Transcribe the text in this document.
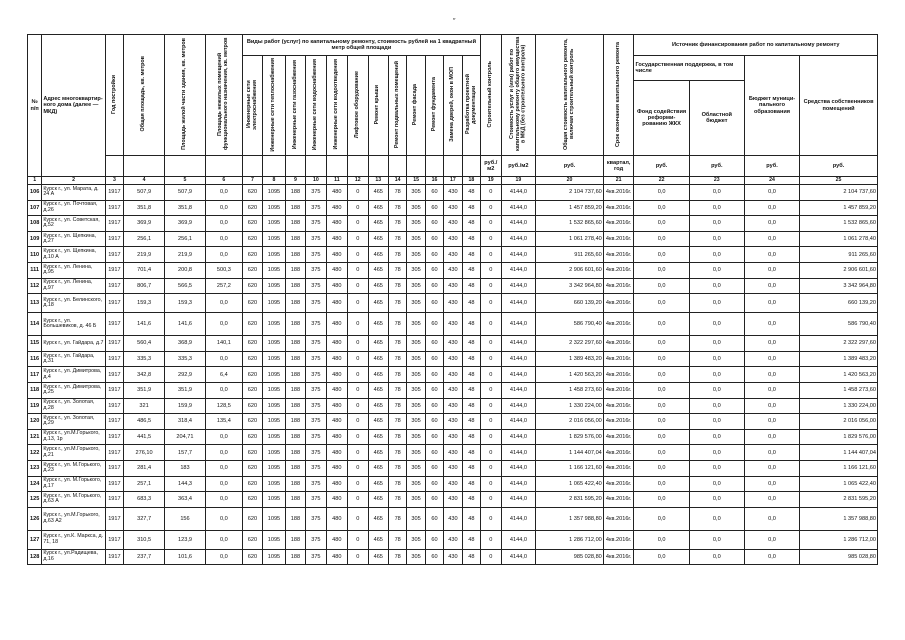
″
№ п/п	Адрес многоквартир-ного дома (далее — МКД)	Год постройки	Общая площадь, кв. метров	Площадь жилой части здания, кв. метров	Площадь нежилых помещений функционального назначения, кв. метров	Виды работ (услуг) по капитальному ремонту, стоимость рублей на 1 квадратный метр общей площади												Строительный контроль	Стоимость услуг и (или) работ по капитальному ремонту общего имущества в МКД (без строительного контроля)	Общая стоимость капитального ремонта, включая строительный контроль	Срок окончания капитального ремонта	Источник финансирования работ по капитальному ремонту			
						Инженерные сети электроснабжения	Инженерные сети теплоснабжения	Инженерные сети газоснабжения	Инженерные сети водоснабжения	Инженерные сети водоотведения	Лифтовое оборудование	Ремонт крыши	Ремонт подвальных помещений	Ремонт фасада	Ремонт фундамента	Замена дверей, окон в МОП	Разработка проектной документации					Государственная поддержка, в том числе		Бюджет муници-пального образования	Средства собственников помещений
																						Фонд содействия реформи-рованию ЖКХ	Областной бюджет		
																		руб./м2	руб./м2	руб.	квартал, год	руб.	руб.	руб.	руб.
1	2	3	4	5	6	7	8	9	10	11	12	13	14	15	16	17	18	19	19	20	21	22	23	24	25
106	Курск г., ул. Марата, д. 24 А	1917	507,9	507,9	0,0	620	1095	188	375	480	0	465	78	305	60	430	48	0	4144,0	2 104 737,60	4кв.2016г.	0,0	0,0	0,0	2 104 737,60
107	Курск г., ул. Почтовая, д.26	1917	351,8	351,8	0,0	620	1095	188	375	480	0	465	78	305	60	430	48	0	4144,0	1 457 859,20	4кв.2016г.	0,0	0,0	0,0	1 457 859,20
108	Курск г., ул. Советская, д.52	1917	369,9	369,9	0,0	620	1095	188	375	480	0	465	78	305	60	430	48	0	4144,0	1 532 865,60	4кв.2016г.	0,0	0,0	0,0	1 532 865,60
109	Курск г., ул. Щепкина, д.27	1917	256,1	256,1	0,0	620	1095	188	375	480	0	465	78	305	60	430	48	0	4144,0	1 061 278,40	4кв.2016г.	0,0	0,0	0,0	1 061 278,40
110	Курск г., ул. Щепкина, д.10 А	1917	219,9	219,9	0,0	620	1095	188	375	480	0	465	78	305	60	430	48	0	4144,0	911 265,60	4кв.2016г.	0,0	0,0	0,0	911 265,60
111	Курск г., ул. Ленина, д.95	1917	701,4	200,8	500,3	620	1095	188	375	480	0	465	78	305	60	430	48	0	4144,0	2 906 601,60	4кв.2016г.	0,0	0,0	0,0	2 906 601,60
112	Курск г., ул. Ленина, д.97	1917	806,7	566,5	257,2	620	1095	188	375	480	0	465	78	305	60	430	48	0	4144,0	3 342 964,80	4кв.2016г.	0,0	0,0	0,0	3 342 964,80
113	Курск г., ул. Белинского, д.18	1917	159,3	159,3	0,0	620	1095	188	375	480	0	465	78	305	60	430	48	0	4144,0	660 139,20	4кв.2016г.	0,0	0,0	0,0	660 139,20
114	Курск г., ул. Большевиков, д. 46 Б	1917	141,6	141,6	0,0	620	1095	188	375	480	0	465	78	305	60	430	48	0	4144,0	586 790,40	4кв.2016г.	0,0	0,0	0,0	586 790,40
115	Курск г., ул. Гайдара, д.7	1917	560,4	368,9	140,1	620	1095	188	375	480	0	465	78	305	60	430	48	0	4144,0	2 322 297,60	4кв.2016г.	0,0	0,0	0,0	2 322 297,60
116	Курск г., ул. Гайдара, д.31	1917	335,3	335,3	0,0	620	1095	188	375	480	0	465	78	305	60	430	48	0	4144,0	1 389 483,20	4кв.2016г.	0,0	0,0	0,0	1 389 483,20
117	Курск г., ул. Димитрова, д.4	1917	342,8	292,9	6,4	620	1095	188	375	480	0	465	78	305	60	430	48	0	4144,0	1 420 563,20	4кв.2016г.	0,0	0,0	0,0	1 420 563,20
118	Курск г., ул. Димитрова, д.25	1917	351,9	351,9	0,0	620	1095	188	375	480	0	465	78	305	60	430	48	0	4144,0	1 458 273,60	4кв.2016г.	0,0	0,0	0,0	1 458 273,60
119	Курск г., ул. Золотая, д.28	1917	321	159,9	128,5	620	1095	188	375	480	0	465	78	305	60	430	48	0	4144,0	1 330 224,00	4кв.2016г.	0,0	0,0	0,0	1 330 224,00
120	Курск г., ул. Золотая, д.29	1917	486,5	318,4	135,4	620	1095	188	375	480	0	465	78	305	60	430	48	0	4144,0	2 016 056,00	4кв.2016г.	0,0	0,0	0,0	2 016 056,00
121	Курск г., ул.М.Горького, д.13, 1р	1917	441,5	204,71	0,0	620	1095	188	375	480	0	465	78	305	60	430	48	0	4144,0	1 829 576,00	4кв.2016г.	0,0	0,0	0,0	1 829 576,00
122	Курск г., ул.М.Горького, д.21	1917	276,10	157,7	0,0	620	1095	188	375	480	0	465	78	305	60	430	48	0	4144,0	1 144 407,04	4кв.2016г.	0,0	0,0	0,0	1 144 407,04
123	Курск г., ул. М.Горького, д.23	1917	281,4	183	0,0	620	1095	188	375	480	0	465	78	305	60	430	48	0	4144,0	1 166 121,60	4кв.2016г.	0,0	0,0	0,0	1 166 121,60
124	Курск г., ул. М.Горького, д.17	1917	257,1	144,3	0,0	620	1095	188	375	480	0	465	78	305	60	430	48	0	4144,0	1 065 422,40	4кв.2016г.	0,0	0,0	0,0	1 065 422,40
125	Курск г., ул. М.Горького, д.63 А	1917	683,3	363,4	0,0	620	1095	188	375	480	0	465	78	305	60	430	48	0	4144,0	2 831 595,20	4кв.2016г.	0,0	0,0	0,0	2 831 595,20
126	Курск г., ул.М.Горького, д.63 А2	1917	327,7	156	0,0	620	1095	188	375	480	0	465	78	305	60	430	48	0	4144,0	1 357 988,80	4кв.2016г.	0,0	0,0	0,0	1 357 988,80
127	Курск г., ул.К. Маркса, д. 71, 18	1917	310,5	123,9	0,0	620	1095	188	375	480	0	465	78	305	60	430	48	0	4144,0	1 286 712,00	4кв.2016г.	0,0	0,0	0,0	1 286 712,00
128	Курск г., ул.Радищева, д.16	1917	237,7	101,6	0,0	620	1095	188	375	480	0	465	78	305	60	430	48	0	4144,0	985 028,80	4кв.2016г.	0,0	0,0	0,0	985 028,80
